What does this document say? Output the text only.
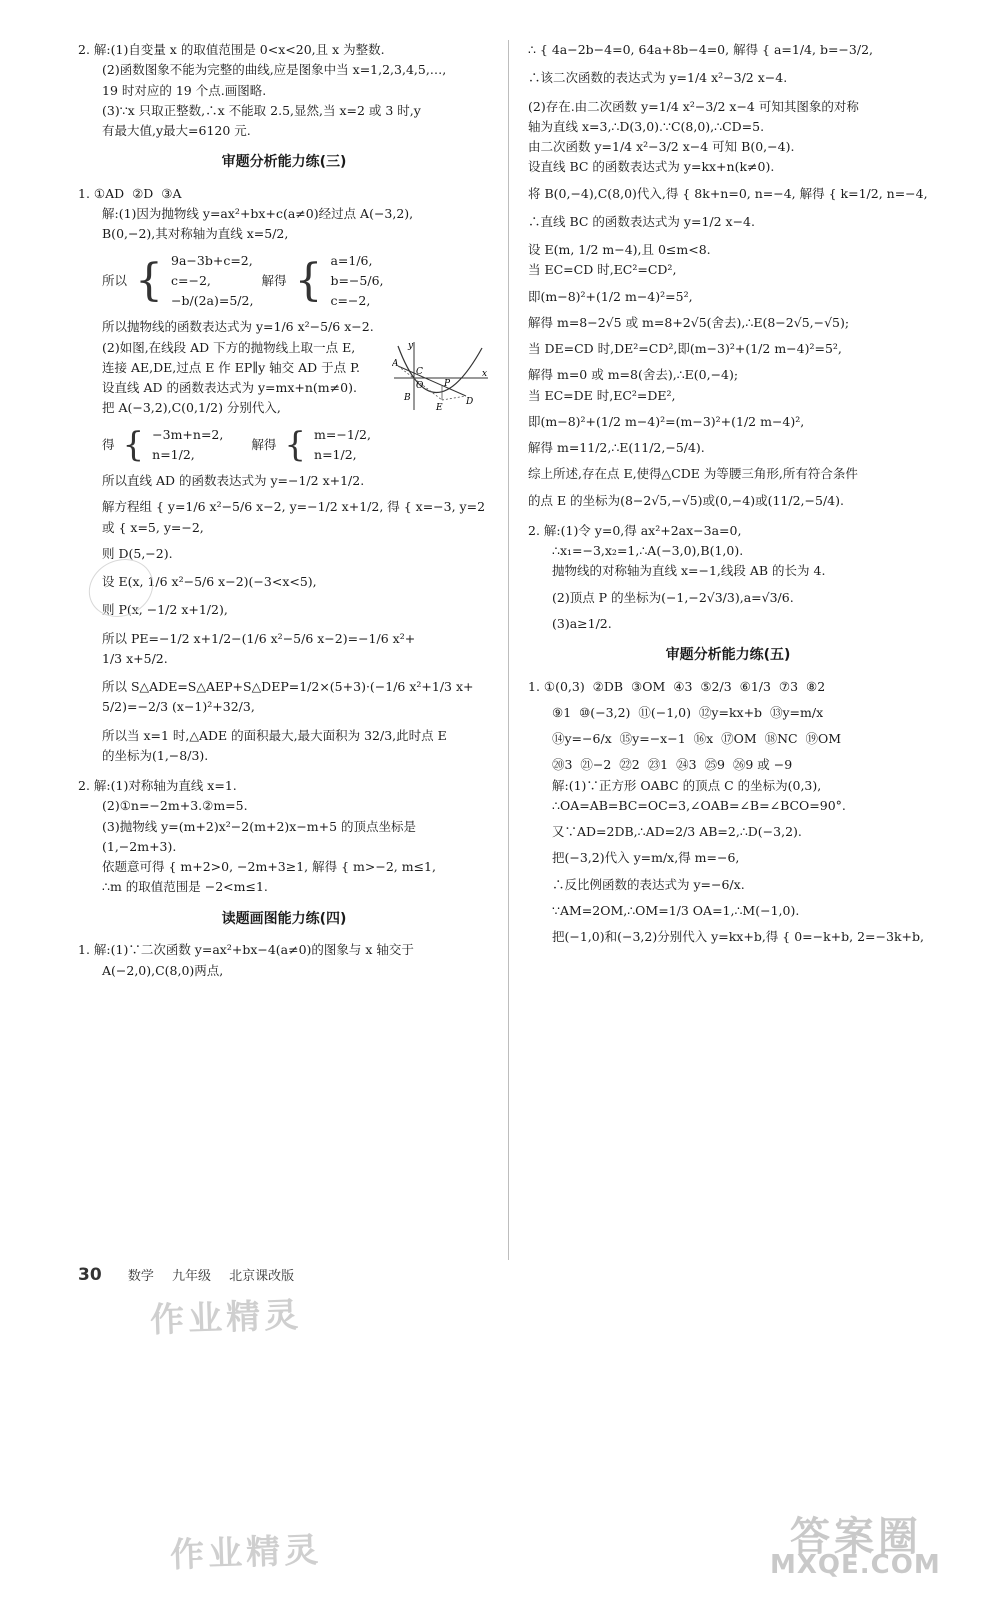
2. 解:(1)自变量 x 的取值范围是 0<x<20,且 x 为整数.
(2)函数图象不能为完整的曲线,应是图象中当 x=1,2,3,4,5,…,
19 时对应的 19 个点.画图略.
(3)∵x 只取正整数,∴x 不能取 2.5,显然,当 x=2 或 3 时,y
有最大值,y最大=6120 元.
审题分析能力练(三)
1. ①AD  ②D  ③A
解:(1)因为抛物线 y=ax²+bx+c(a≠0)经过点 A(−3,2),
B(0,−2),其对称轴为直线 x=5/2,
所以 { 9a−3b+c=2,
c=−2,
−b/(2a)=5/2,
解得 { a=1/6,
b=−5/6,
c=−2,
所以抛物线的函数表达式为 y=1/6 x²−5/6 x−2.
y
A
C
O
B
E
P
D
x
(2)如图,在线段 AD 下方的抛物线上取一点 E,
连接 AE,DE,过点 E 作 EP∥y 轴交 AD 于点 P.
设直线 AD 的函数表达式为 y=mx+n(m≠0).
把 A(−3,2),C(0,1/2) 分别代入,
得 { −3m+n=2,
n=1/2,
解得 { m=−1/2,
n=1/2,
所以直线 AD 的函数表达式为 y=−1/2 x+1/2.
解方程组 { y=1/6 x²−5/6 x−2, y=−1/2 x+1/2, 得 { x=−3, y=2 或 { x=5, y=−2,
则 D(5,−2).
设 E(x, 1/6 x²−5/6 x−2)(−3<x<5),
则 P(x, −1/2 x+1/2),
所以 PE=−1/2 x+1/2−(1/6 x²−5/6 x−2)=−1/6 x²+
1/3 x+5/2.
所以 S△ADE=S△AEP+S△DEP=1/2×(5+3)·(−1/6 x²+1/3 x+
5/2)=−2/3 (x−1)²+32/3,
所以当 x=1 时,△ADE 的面积最大,最大面积为 32/3,此时点 E
的坐标为(1,−8/3).
2. 解:(1)对称轴为直线 x=1.
(2)①n=−2m+3.②m=5.
(3)抛物线 y=(m+2)x²−2(m+2)x−m+5 的顶点坐标是
(1,−2m+3).
依题意可得 { m+2>0, −2m+3≥1, 解得 { m>−2, m≤1,
∴m 的取值范围是 −2<m≤1.
读题画图能力练(四)
1. 解:(1)∵二次函数 y=ax²+bx−4(a≠0)的图象与 x 轴交于
A(−2,0),C(8,0)两点,
∴ { 4a−2b−4=0, 64a+8b−4=0, 解得 { a=1/4, b=−3/2,
∴该二次函数的表达式为 y=1/4 x²−3/2 x−4.
(2)存在.由二次函数 y=1/4 x²−3/2 x−4 可知其图象的对称
轴为直线 x=3,∴D(3,0).∵C(8,0),∴CD=5.
由二次函数 y=1/4 x²−3/2 x−4 可知 B(0,−4).
设直线 BC 的函数表达式为 y=kx+n(k≠0).
将 B(0,−4),C(8,0)代入,得 { 8k+n=0, n=−4, 解得 { k=1/2, n=−4,
∴直线 BC 的函数表达式为 y=1/2 x−4.
设 E(m, 1/2 m−4),且 0≤m<8.
当 EC=CD 时,EC²=CD²,
即(m−8)²+(1/2 m−4)²=5²,
解得 m=8−2√5 或 m=8+2√5(舍去),∴E(8−2√5,−√5);
当 DE=CD 时,DE²=CD²,即(m−3)²+(1/2 m−4)²=5²,
解得 m=0 或 m=8(舍去),∴E(0,−4);
当 EC=DE 时,EC²=DE²,
即(m−8)²+(1/2 m−4)²=(m−3)²+(1/2 m−4)²,
解得 m=11/2,∴E(11/2,−5/4).
综上所述,存在点 E,使得△CDE 为等腰三角形,所有符合条件
的点 E 的坐标为(8−2√5,−√5)或(0,−4)或(11/2,−5/4).
2. 解:(1)令 y=0,得 ax²+2ax−3a=0,
∴x₁=−3,x₂=1,∴A(−3,0),B(1,0).
抛物线的对称轴为直线 x=−1,线段 AB 的长为 4.
(2)顶点 P 的坐标为(−1,−2√3/3),a=√3/6.
(3)a≥1/2.
审题分析能力练(五)
1. ①(0,3)  ②DB  ③OM  ④3  ⑤2/3  ⑥1/3  ⑦3  ⑧2
⑨1  ⑩(−3,2)  ⑪(−1,0)  ⑫y=kx+b  ⑬y=m/x
⑭y=−6/x  ⑮y=−x−1  ⑯x  ⑰OM  ⑱NC  ⑲OM
⑳3  ㉑−2  ㉒2  ㉓1  ㉔3  ㉕9  ㉖9 或 −9
解:(1)∵正方形 OABC 的顶点 C 的坐标为(0,3),
∴OA=AB=BC=OC=3,∠OAB=∠B=∠BCO=90°.
又∵AD=2DB,∴AD=2/3 AB=2,∴D(−3,2).
把(−3,2)代入 y=m/x,得 m=−6,
∴反比例函数的表达式为 y=−6/x.
∵AM=2OM,∴OM=1/3 OA=1,∴M(−1,0).
把(−1,0)和(−3,2)分别代入 y=kx+b,得 { 0=−k+b, 2=−3k+b,
30 数学 九年级 北京课改版
作业精灵
作业精灵	答案圈
MXQE.COM
